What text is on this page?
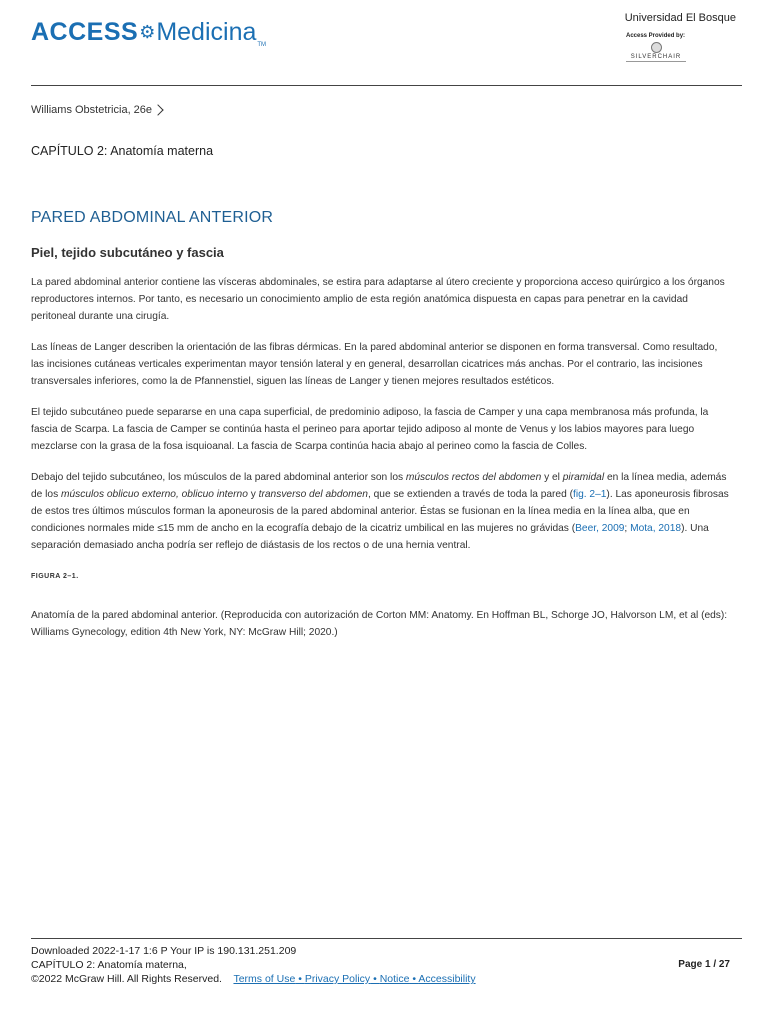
ACCESS⚙Medicina$_{TM}$
Universidad El Bosque
Access Provided by:
SILVERCHAIR
Williams Obstetricia, 26e
CAPÍTULO 2: Anatomía materna
PARED ABDOMINAL ANTERIOR
Piel, tejido subcutáneo y fascia

La pared abdominal anterior contiene las vísceras abdominales, se estira para adaptarse al útero creciente y proporciona acceso quirúrgico a los órganos reproductores internos. Por tanto, es necesario un conocimiento amplio de esta región anatómica dispuesta en capas para penetrar en la cavidad peritoneal durante una cirugía.

Las líneas de Langer describen la orientación de las fibras dérmicas. En la pared abdominal anterior se disponen en forma transversal. Como resultado, las incisiones cutáneas verticales experimentan mayor tensión lateral y en general, desarrollan cicatrices más anchas. Por el contrario, las incisiones transversales inferiores, como la de Pfannenstiel, siguen las líneas de Langer y tienen mejores resultados estéticos.

El tejido subcutáneo puede separarse en una capa superficial, de predominio adiposo, la fascia de Camper y una capa membranosa más profunda, la fascia de Scarpa. La fascia de Camper se continúa hasta el perineo para aportar tejido adiposo al monte de Venus y los labios mayores para luego mezclarse con la grasa de la fosa isquioanal. La fascia de Scarpa continúa hacia abajo al perineo como la fascia de Colles.

Debajo del tejido subcutáneo, los músculos de la pared abdominal anterior son los músculos rectos del abdomen y el piramidal en la línea media, además de los músculos oblicuo externo, oblicuo interno y transverso del abdomen, que se extienden a través de toda la pared (fig. 2–1). Las aponeurosis fibrosas de estos tres últimos músculos forman la aponeurosis de la pared abdominal anterior. Éstas se fusionan en la línea media en la línea alba, que en condiciones normales mide ≤15 mm de ancho en la ecografía debajo de la cicatriz umbilical en las mujeres no grávidas (Beer, 2009; Mota, 2018). Una separación demasiado ancha podría ser reflejo de diástasis de los rectos o de una hernia ventral.

FIGURA 2–1.

Anatomía de la pared abdominal anterior. (Reproducida con autorización de Corton MM: Anatomy. En Hoffman BL, Schorge JO, Halvorson LM, et al (eds): Williams Gynecology, edition 4th New York, NY: McGraw Hill; 2020.)

Downloaded 2022-1-17 1:6 P Your IP is 190.131.251.209
CAPÍTULO 2: Anatomía materna,
©2022 McGraw Hill. All Rights Reserved. Terms of Use • Privacy Policy • Notice • Accessibility
Page 1 / 27
